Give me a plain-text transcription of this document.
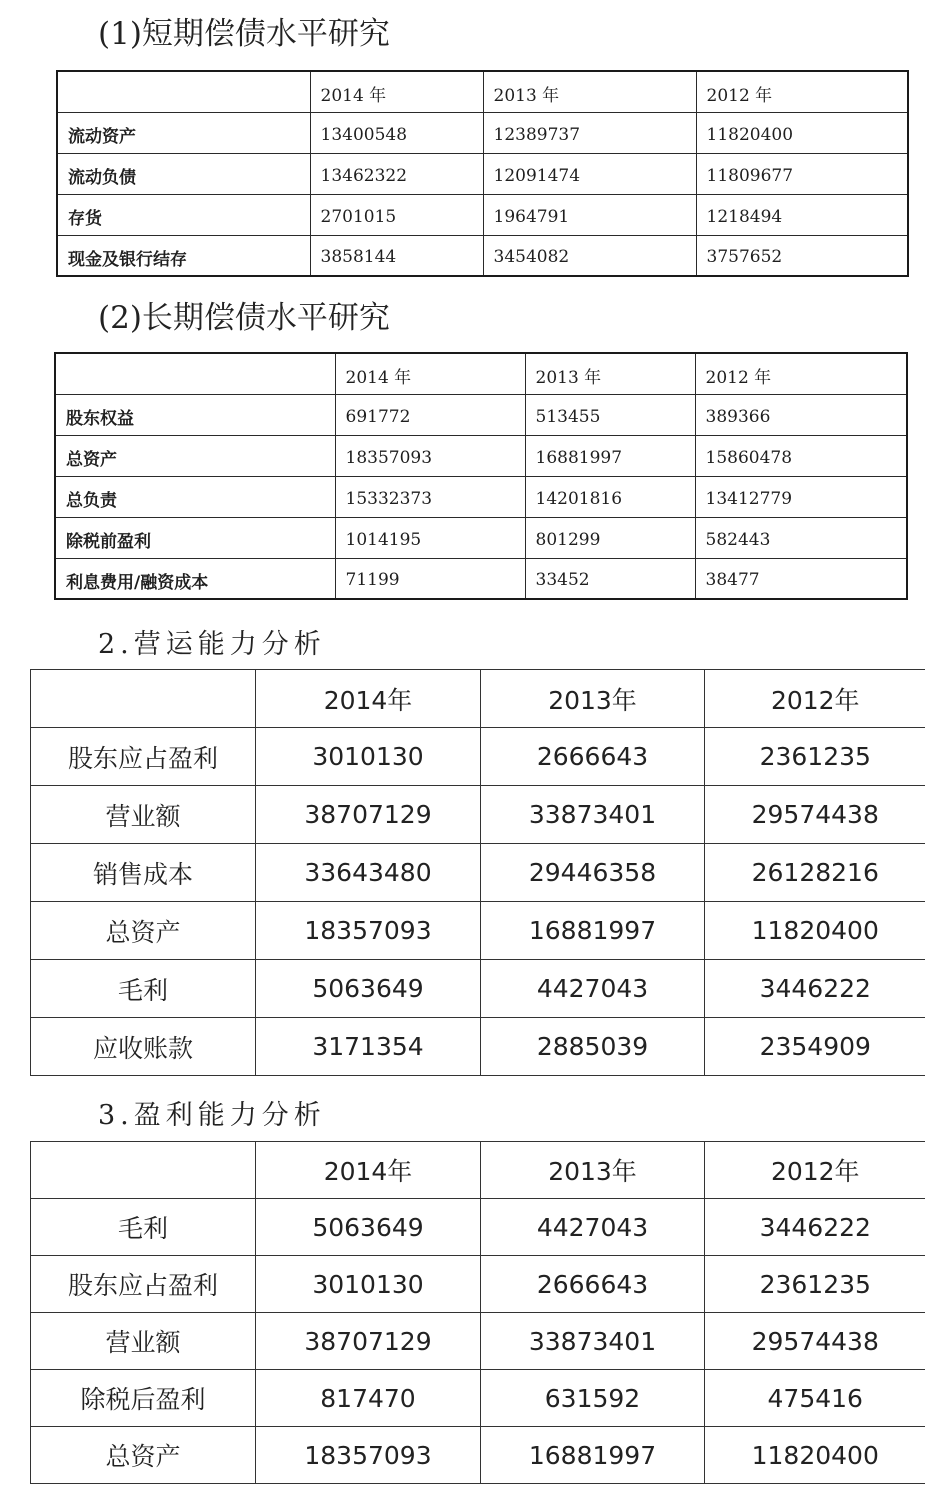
(1)短期偿债水平研究
	2014 年	2013 年	2012 年
流动资产	13400548	12389737	11820400
流动负债	13462322	12091474	11809677
存货	2701015	1964791	1218494
现金及银行结存	3858144	3454082	3757652
(2)长期偿债水平研究
	2014 年	2013 年	2012 年
股东权益	691772	513455	389366
总资产	18357093	16881997	15860478
总负责	15332373	14201816	13412779
除税前盈利	1014195	801299	582443
利息费用/融资成本	71199	33452	38477
2.营运能力分析
	2014年	2013年	2012年
股东应占盈利	3010130	2666643	2361235
营业额	38707129	33873401	29574438
销售成本	33643480	29446358	26128216
总资产	18357093	16881997	11820400
毛利	5063649	4427043	3446222
应收账款	3171354	2885039	2354909
3.盈利能力分析
	2014年	2013年	2012年
毛利	5063649	4427043	3446222
股东应占盈利	3010130	2666643	2361235
营业额	38707129	33873401	29574438
除税后盈利	817470	631592	475416
总资产	18357093	16881997	11820400
